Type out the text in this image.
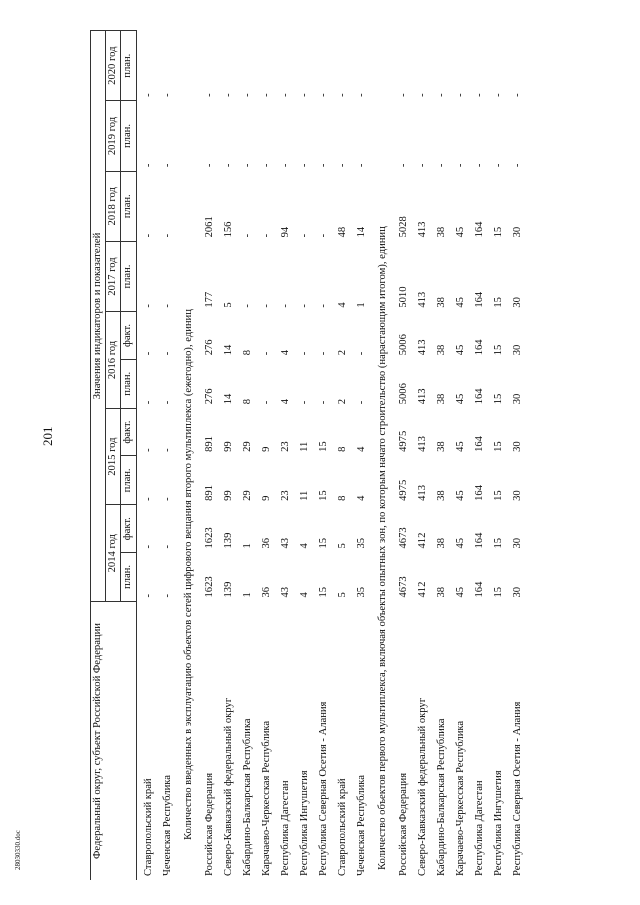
201
28030330.doc	Федеральный округ, субъект Российской Федерации	Значения индикаторов и показателей									
	2014 год		2015 год		2016 год		2017 год	2018 год	2019 год	2020 год
	план.	факт.	план.	факт.	план.	факт.	план.	план.	план.	план.
Ставропольский край	-	-	-	-	-	-	-	-	-	-
Чеченская Республика	-	-	-	-	-	-	-	-	-	-
Количество введенных в эксплуатацию объектов сетей цифрового вещания второго мультиплекса (ежегодно), единиц										
Российская Федерация	1623	1623	891	891	276	276	177	2061	-	-
Северо-Кавказский федеральный округ	139	139	99	99	14	14	5	156	-	-
Кабардино-Балкарская Республика	1	1	29	29	8	8	-	-	-	-
Карачаево-Черкесская Республика	36	36	9	9	-	-	-	-	-	-
Республика Дагестан	43	43	23	23	4	4	-	94	-	-
Республика Ингушетия	4	4	11	11	-	-	-	-	-	-
Республика Северная Осетия - Алания	15	15	15	15	-	-	-	-	-	-
Ставропольский край	5	5	8	8	2	2	4	48	-	-
Чеченская Республика	35	35	4	4	-	-	1	14	-	-
Количество объектов первого мультиплекса, включая объекты опытных зон, по которым начато строительство (нарастающим итогом), единиц										
Российская Федерация	4673	4673	4975	4975	5006	5006	5010	5028	-	-
Северо-Кавказский федеральный округ	412	412	413	413	413	413	413	413	-	-
Кабардино-Балкарская Республика	38	38	38	38	38	38	38	38	-	-
Карачаево-Черкесская Республика	45	45	45	45	45	45	45	45	-	-
Республика Дагестан	164	164	164	164	164	164	164	164	-	-
Республика Ингушетия	15	15	15	15	15	15	15	15	-	-
Республика Северная Осетия - Алания	30	30	30	30	30	30	30	30	-	-
